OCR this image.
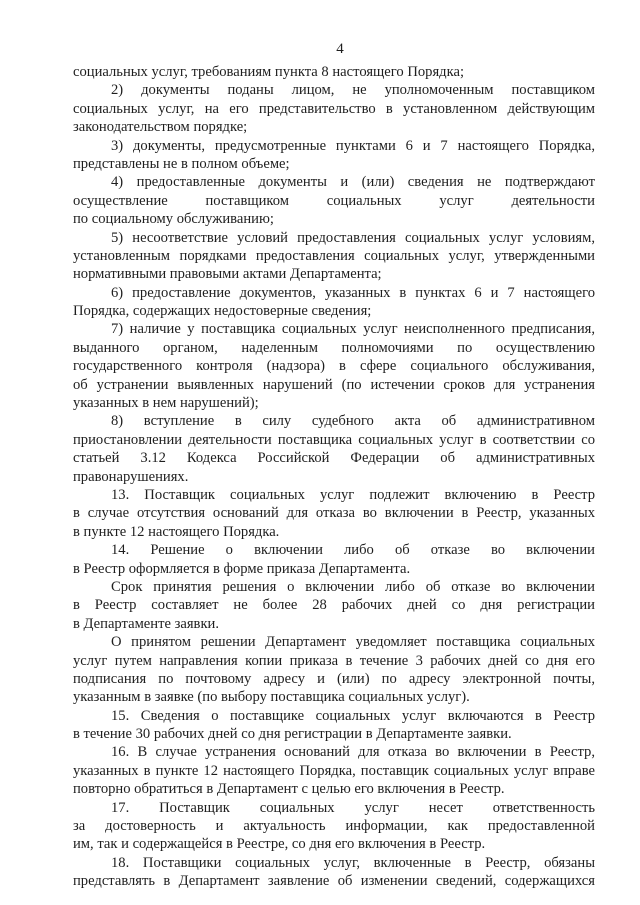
4
социальных услуг, требованиям пункта 8 настоящего Порядка;
2) документы поданы лицом, не уполномоченным поставщиком
социальных услуг, на его представительство в установленном действующим
законодательством порядке;
3) документы, предусмотренные пунктами 6 и 7 настоящего Порядка,
представлены не в полном объеме;
4) предоставленные документы и (или) сведения не подтверждают
осуществление поставщиком социальных услуг деятельности
по социальному обслуживанию;
5) несоответствие условий предоставления социальных услуг условиям,
установленным порядками предоставления социальных услуг, утвержденными
нормативными правовыми актами Департамента;
6) предоставление документов, указанных в пунктах 6 и 7 настоящего
Порядка, содержащих недостоверные сведения;
7) наличие у поставщика социальных услуг неисполненного предписания,
выданного органом, наделенным полномочиями по осуществлению
государственного контроля (надзора) в сфере социального обслуживания,
об устранении выявленных нарушений (по истечении сроков для устранения
указанных в нем нарушений);
8) вступление в силу судебного акта об административном
приостановлении деятельности поставщика социальных услуг в соответствии со
статьей 3.12 Кодекса Российской Федерации об административных
правонарушениях.
13. Поставщик социальных услуг подлежит включению в Реестр
в случае отсутствия оснований для отказа во включении в Реестр, указанных
в пункте 12 настоящего Порядка.
14. Решение о включении либо об отказе во включении
в Реестр оформляется в форме приказа Департамента.
Срок принятия решения о включении либо об отказе во включении
в Реестр составляет не более 28 рабочих дней со дня регистрации
в Департаменте заявки.
О принятом решении Департамент уведомляет поставщика социальных
услуг путем направления копии приказа в течение 3 рабочих дней со дня его
подписания по почтовому адресу и (или) по адресу электронной почты,
указанным в заявке (по выбору поставщика социальных услуг).
15. Сведения о поставщике социальных услуг включаются в Реестр
в течение 30 рабочих дней со дня регистрации в Департаменте заявки.
16. В случае устранения оснований для отказа во включении в Реестр,
указанных в пункте 12 настоящего Порядка, поставщик социальных услуг вправе
повторно обратиться в Департамент с целью его включения в Реестр.
17. Поставщик социальных услуг несет ответственность
за достоверность и актуальность информации, как предоставленной
им, так и содержащейся в Реестре, со дня его включения в Реестр.
18. Поставщики социальных услуг, включенные в Реестр, обязаны
представлять в Департамент заявление об изменении сведений, содержащихся
